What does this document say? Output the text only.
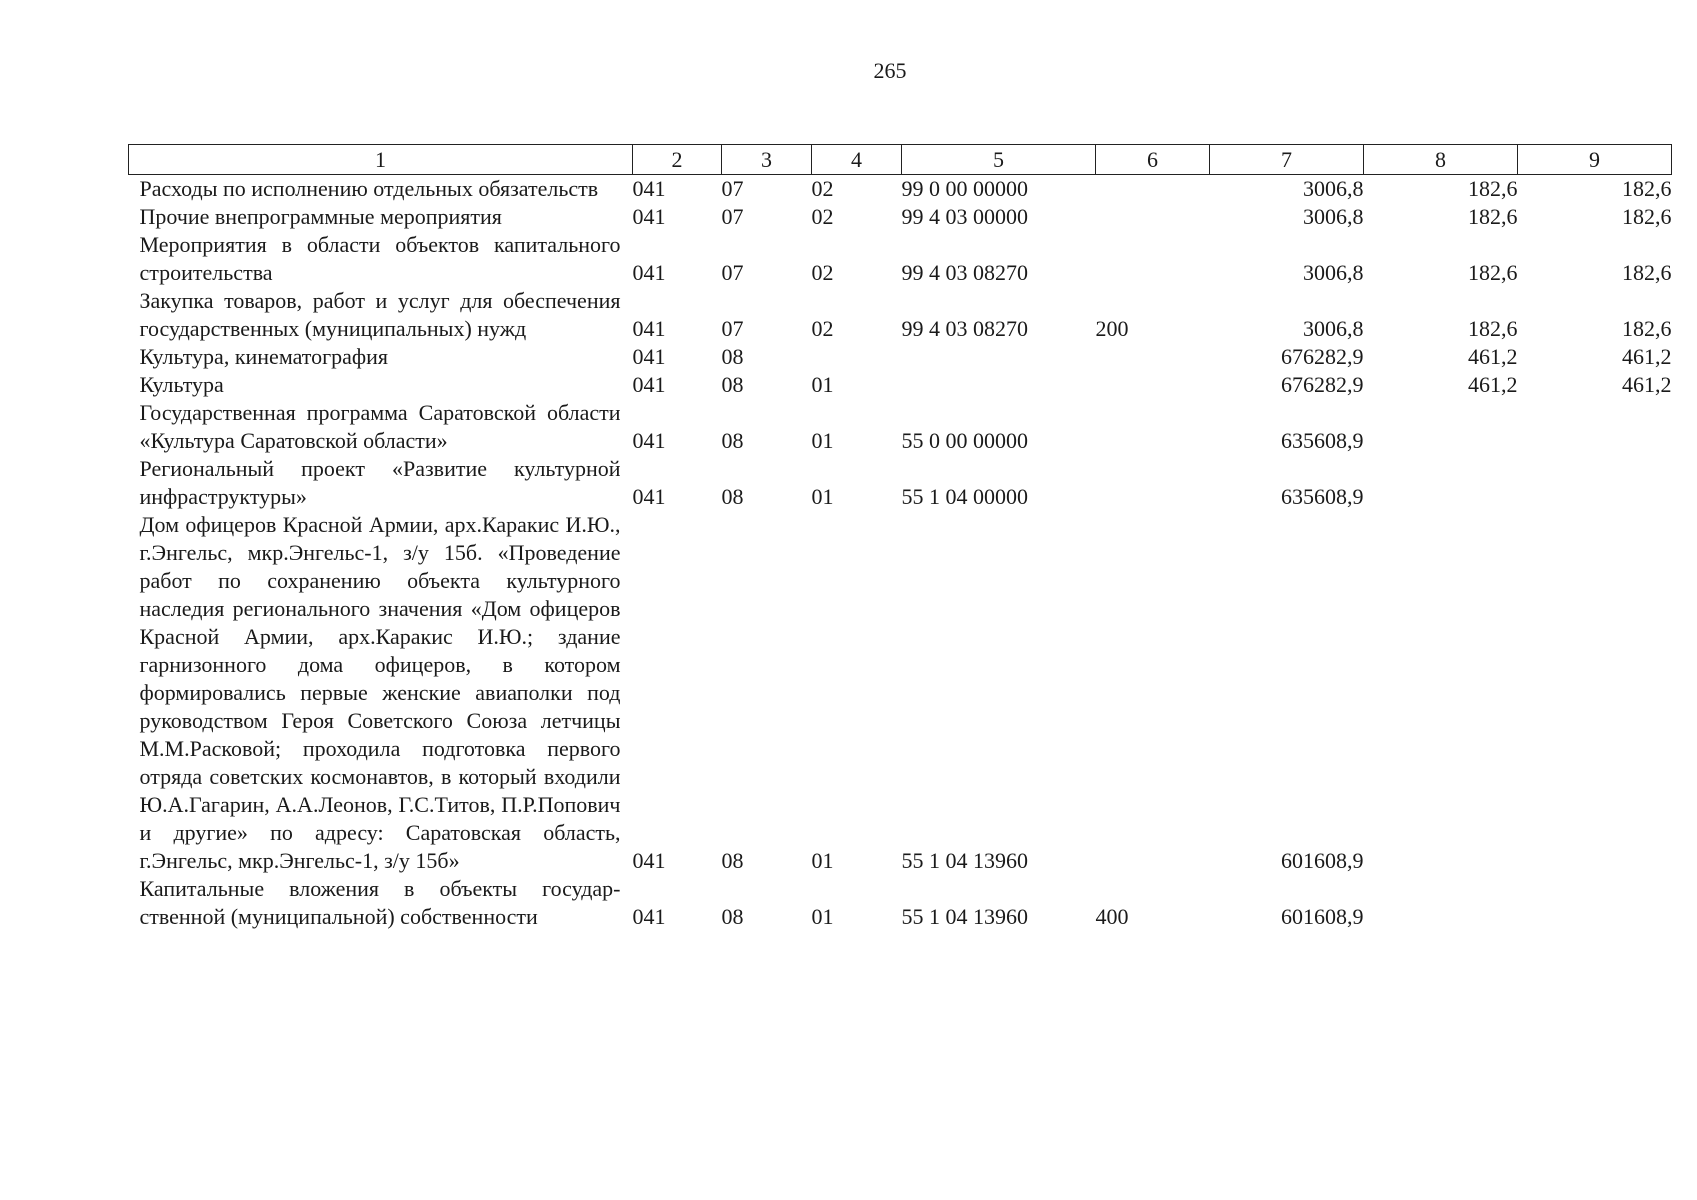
265
1	2	3	4	5	6	7	8	9
Расходы по исполнению отдельных обязательств	041	07	02	99 0 00 00000		3006,8	182,6	182,6
Прочие внепрограммные мероприятия	041	07	02	99 4 03 00000		3006,8	182,6	182,6
Мероприятия в области объектов капитального строительства	041	07	02	99 4 03 08270		3006,8	182,6	182,6
Закупка товаров, работ и услуг для обеспечения государственных (муниципальных) нужд	041	07	02	99 4 03 08270	200	3006,8	182,6	182,6
Культура, кинематография	041	08				676282,9	461,2	461,2
Культура	041	08	01			676282,9	461,2	461,2
Государственная программа Саратовской области «Культура Саратовской области»	041	08	01	55 0 00 00000		635608,9		
Региональный проект «Развитие культурной инфраструктуры»	041	08	01	55 1 04 00000		635608,9		
Дом офицеров Красной Армии, арх.Каракис И.Ю., г.Энгельс, мкр.Энгельс-1, з/у 15б. «Проведение работ по сохранению объекта культурного наследия регионального значения «Дом офицеров Красной Армии, арх.Каракис И.Ю.; здание гарнизонного дома офицеров, в котором формировались первые женские авиаполки под руководством Героя Советского Союза летчицы М.М.Расковой; проходила подготовка первого отряда советских космонавтов, в который входили Ю.А.Гагарин, А.А.Леонов, Г.С.Титов, П.Р.Попович и другие» по адресу: Саратовская область, г.Энгельс, мкр.Энгельс-1, з/у 15б»	041	08	01	55 1 04 13960		601608,9		
Капитальные вложения в объекты государственной (муниципальной) собственности	041	08	01	55 1 04 13960	400	601608,9		
